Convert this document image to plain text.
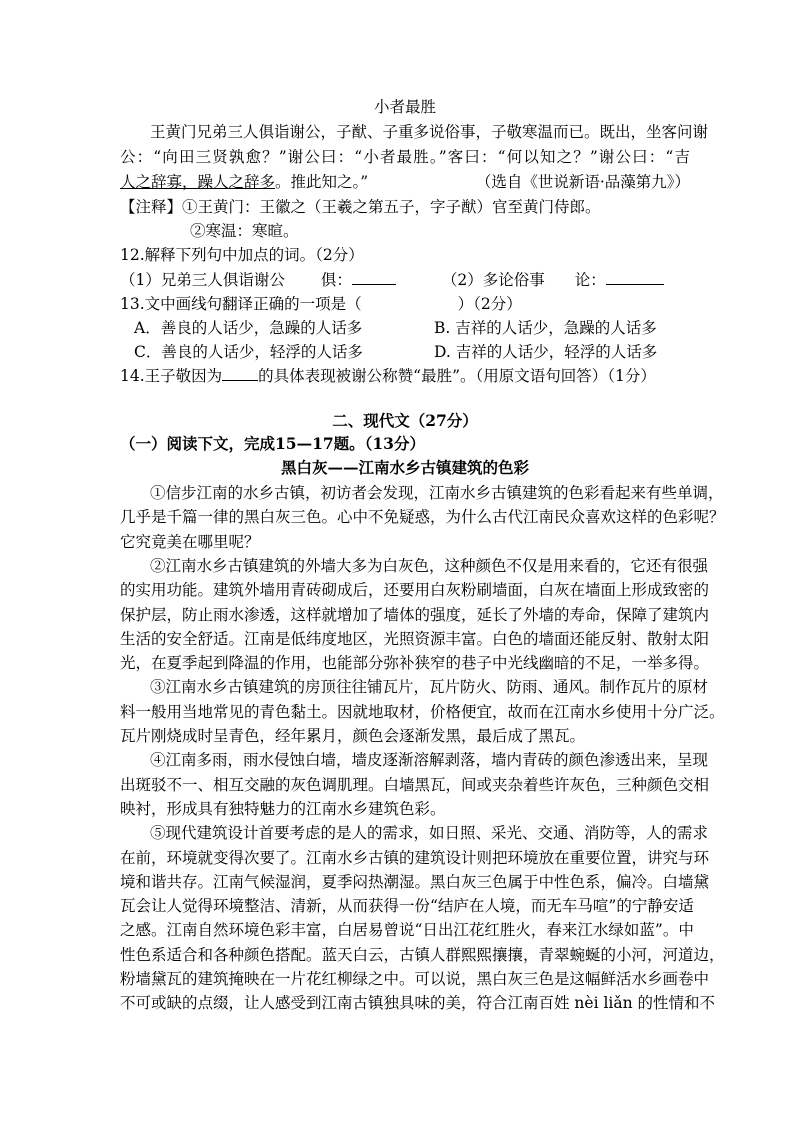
小者最胜
王黄门兄弟三人俱诣谢公，子猷、子重多说俗事，子敬寒温而已。既出，坐客问谢
公：“向田三贤孰愈？”谢公曰：“小者最胜。”客曰：“何以知之？”谢公曰：“吉
人之辞寡，躁人之辞多。推此知之。”	（选自《世说新语·品藻第九》）
【注释】①王黄门：王徽之（王羲之第五子，字子猷）官至黄门侍郎。
②寒温：寒暄。
12.解释下列句中加点的词。（2分）
（1）兄弟三人俱诣谢公 俱：	（2）多论俗事 论：
13.文中画线句翻译正确的一项是（	）（2分）
A．善良的人话少，急躁的人话多	B. 吉祥的人话少，急躁的人话多
C．善良的人话少，轻浮的人话多	D. 吉祥的人话少，轻浮的人话多
14.王子敬因为 的具体表现被谢公称赞“最胜”。（用原文语句回答）（1分）
二、现代文（27分）
（一）阅读下文，完成15—17题。（13分）
黑白灰——江南水乡古镇建筑的色彩
①信步江南的水乡古镇，初访者会发现，江南水乡古镇建筑的色彩看起来有些单调，
几乎是千篇一律的黑白灰三色。心中不免疑惑，为什么古代江南民众喜欢这样的色彩呢？
它究竟美在哪里呢？
②江南水乡古镇建筑的外墙大多为白灰色，这种颜色不仅是用来看的，它还有很强
的实用功能。建筑外墙用青砖砌成后，还要用白灰粉刷墙面，白灰在墙面上形成致密的
保护层，防止雨水渗透，这样就增加了墙体的强度，延长了外墙的寿命，保障了建筑内
生活的安全舒适。江南是低纬度地区，光照资源丰富。白色的墙面还能反射、散射太阳
光，在夏季起到降温的作用，也能部分弥补狭窄的巷子中光线幽暗的不足，一举多得。
③江南水乡古镇建筑的房顶往往铺瓦片，瓦片防火、防雨、通风。制作瓦片的原材
料一般用当地常见的青色黏土。因就地取材，价格便宜，故而在江南水乡使用十分广泛。
瓦片刚烧成时呈青色，经年累月，颜色会逐渐发黑，最后成了黑瓦。
④江南多雨，雨水侵蚀白墙，墙皮逐渐溶解剥落，墙内青砖的颜色渗透出来，呈现
出斑驳不一、相互交融的灰色调肌理。白墙黑瓦，间或夹杂着些许灰色，三种颜色交相
映衬，形成具有独特魅力的江南水乡建筑色彩。
⑤现代建筑设计首要考虑的是人的需求，如日照、采光、交通、消防等，人的需求
在前，环境就变得次要了。江南水乡古镇的建筑设计则把环境放在重要位置，讲究与环
境和谐共存。江南气候湿润，夏季闷热潮湿。黑白灰三色属于中性色系，偏冷。白墙黛
瓦会让人觉得环境整洁、清新，从而获得一份“结庐在人境，而无车马喧”的宁静安适
之感。江南自然环境色彩丰富，白居易曾说“日出江花红胜火，春来江水绿如蓝”。中
性色系适合和各种颜色搭配。蓝天白云，古镇人群熙熙攘攘，青翠蜿蜒的小河，河道边，
粉墙黛瓦的建筑掩映在一片花红柳绿之中。可以说，黑白灰三色是这幅鲜活水乡画卷中
不可或缺的点缀，让人感受到江南古镇独具味的美，符合江南百姓 nèi liǎn 的性情和不
